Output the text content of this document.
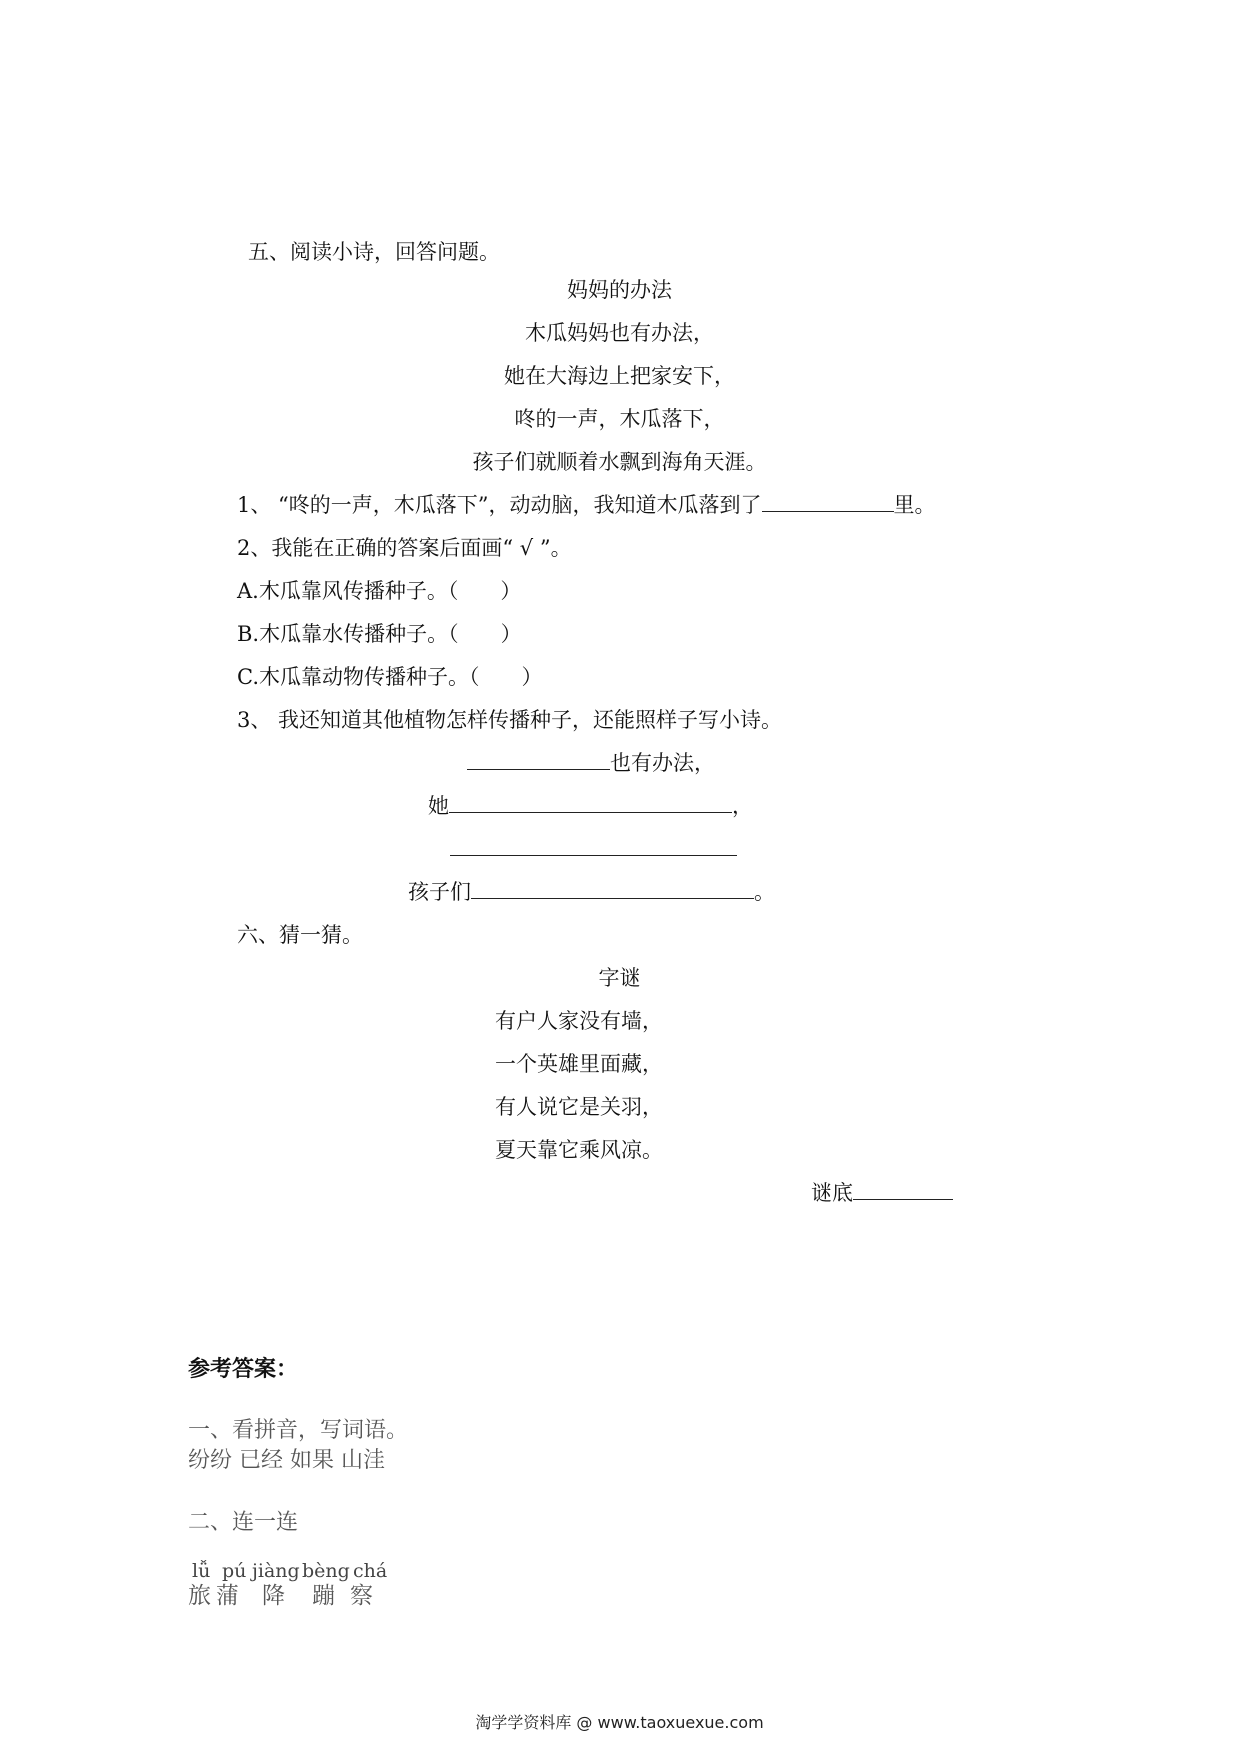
五、阅读小诗，回答问题。
妈妈的办法
木瓜妈妈也有办法，
她在大海边上把家安下，
咚的一声，木瓜落下，
孩子们就顺着水飘到海角天涯。
1、 “咚的一声，木瓜落下”，动动脑，我知道木瓜落到了	里。
2、我能在正确的答案后面画“ √ ”。
A.木瓜靠风传播种子。（　　）
B.木瓜靠水传播种子。（　　）
C.木瓜靠动物传播种子。（　　）
3、 我还知道其他植物怎样传播种子，还能照样子写小诗。
也有办法，
她	，
孩子们	。
六、猜一猜。
字谜
有户人家没有墙，
一个英雄里面藏，
有人说它是关羽，
夏天靠它乘风凉。
谜底
参考答案：
一、看拼音，写词语。
纷纷 已经 如果 山洼
二、连一连
lǚ pú jiàng bèng chá
旅 蒲 降 蹦 察
淘学学资料库 @ www.taoxuexue.com
